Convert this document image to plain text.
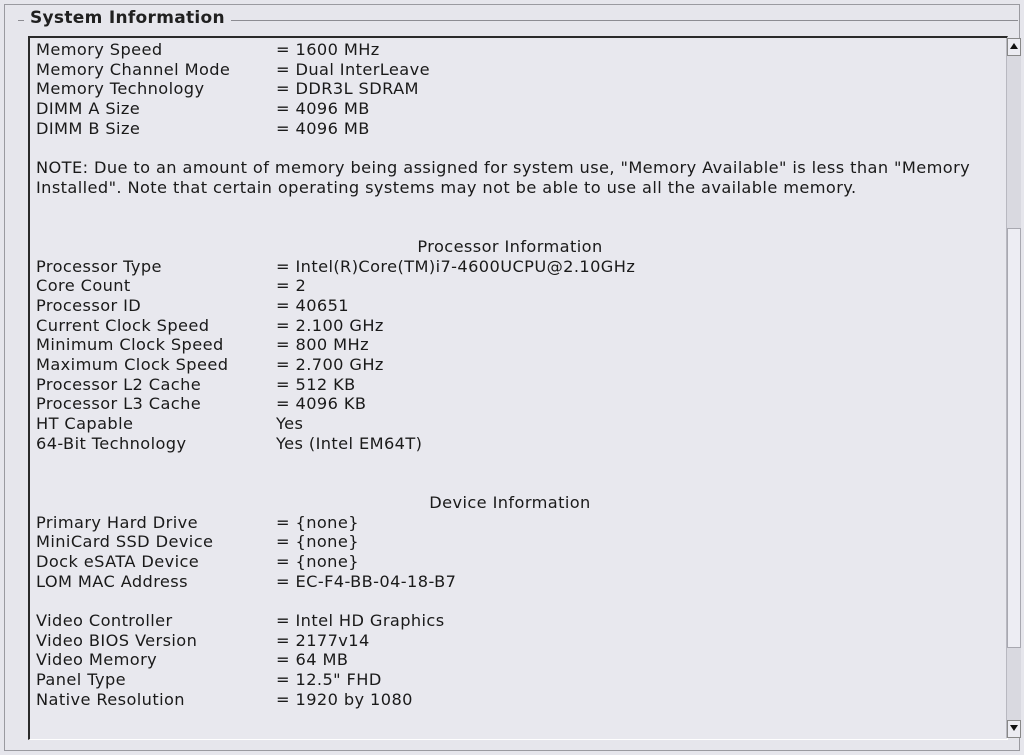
System Information
Memory Speed	= 1600 MHz
Memory Channel Mode	= Dual InterLeave
Memory Technology	= DDR3L SDRAM
DIMM A Size	= 4096 MB
DIMM B Size	= 4096 MB
NOTE: Due to an amount of memory being assigned for system use, "Memory Available" is less than "Memory Installed". Note that certain operating systems may not be able to use all the available memory.
Processor Information
Processor Type	= Intel(R)Core(TM)i7-4600UCPU@2.10GHz
Core Count	= 2
Processor ID	= 40651
Current Clock Speed	= 2.100 GHz
Minimum Clock Speed	= 800 MHz
Maximum Clock Speed	= 2.700 GHz
Processor L2 Cache	= 512 KB
Processor L3 Cache	= 4096 KB
HT Capable	Yes
64-Bit Technology	Yes (Intel EM64T)
Device Information
Primary Hard Drive	= {none}
MiniCard SSD Device	= {none}
Dock eSATA Device	= {none}
LOM MAC Address	= EC-F4-BB-04-18-B7
Video Controller	= Intel HD Graphics
Video BIOS Version	= 2177v14
Video Memory	= 64 MB
Panel Type	= 12.5" FHD
Native Resolution	= 1920 by 1080
